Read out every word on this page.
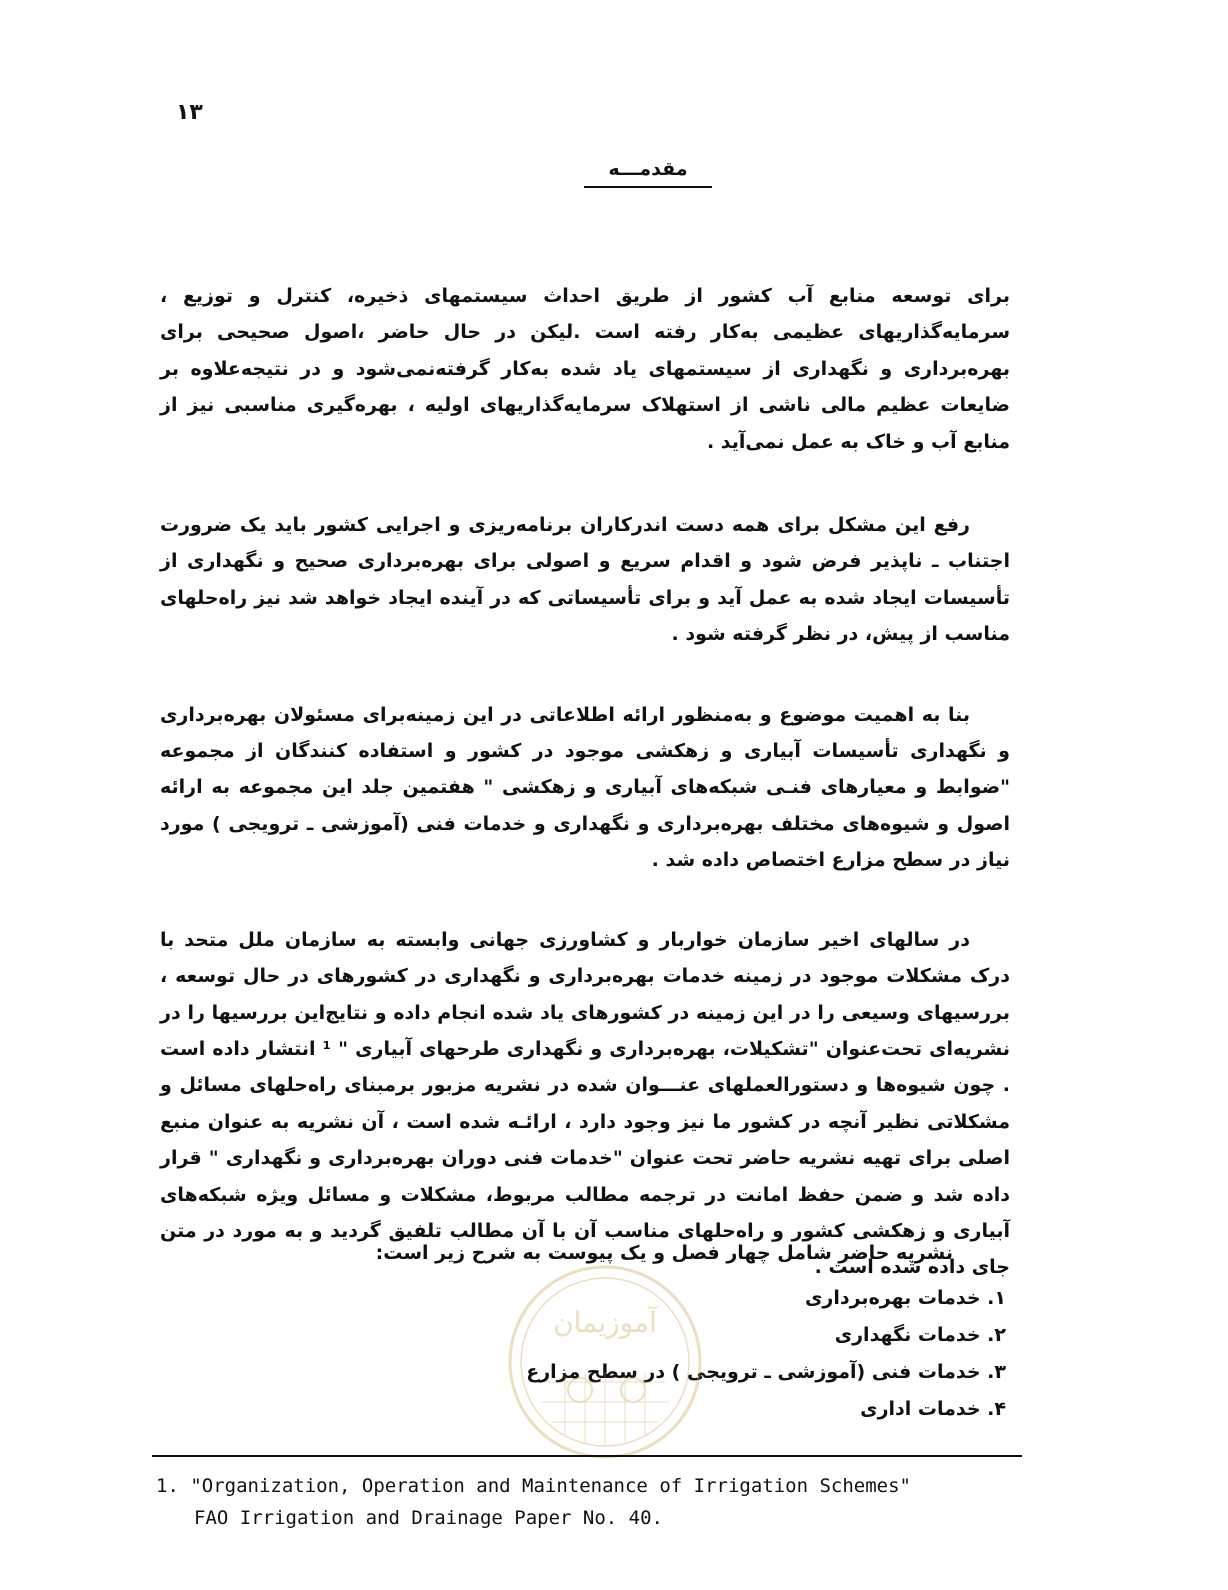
۱۳
مقدمـــه

برای توسعه منابع آب کشور از طریق احداث سیستمهای ذخیره، کنترل و توزیع ، سرمایه‌گذاریهای عظیمی به‌کار رفته است .لیکن در حال حاضر ،اصول صحیحی برای بهره‌برداری و نگهداری از سیستمهای یاد شده به‌کار گرفته‌نمی‌شود و در نتیجه‌علاوه بر ضایعات عظیم مالی ناشی از استهلاک سرمایه‌گذاریهای اولیه ، بهره‌گیری مناسبی نیز از منابع آب و خاک به عمل نمی‌آید .

رفع این مشکل برای همه دست اندرکاران برنامه‌ریزی و اجرایی کشور باید یک ضرورت اجتناب ـ ناپذیر فرض شود و اقدام سریع و اصولی برای بهره‌برداری صحیح و نگهداری از تأسیسات ایجاد شده به عمل آید و برای تأسیساتی که در آینده ایجاد خواهد شد نیز راه‌حلهای مناسب از پیش، در نظر گرفته شود .

بنا به اهمیت موضوع و به‌منظور ارائه اطلاعاتی در این زمینه‌برای مسئولان بهره‌برداری و نگهداری تأسیسات آبیاری و زهکشی موجود در کشور و استفاده کنندگان از مجموعه "ضوابط و معیارهای فنـی شبکه‌های آبیاری و زهکشی " هفتمین جلد این مجموعه به ارائه اصول و شیوه‌های مختلف بهره‌برداری و نگهداری و خدمات فنی (آموزشی ـ ترویجی ) مورد نیاز در سطح مزارع اختصاص داده شد .

در سالهای اخیر سازمان خواربار و کشاورزی جهانی وابسته به سازمان ملل متحد با درک مشکلات موجود در زمینه خدمات بهره‌برداری و نگهداری در کشورهای در حال توسعه ، بررسیهای وسیعی را در این زمینه در کشورهای یاد شده انجام داده و نتایج‌این بررسیها را در نشریه‌ای تحت‌عنوان "تشکیلات، بهره‌برداری و نگهداری طرحهای آبیاری " ¹ انتشار داده است . چون شیوه‌ها و دستورالعملهای عنـــوان شده در نشریه مزبور برمبنای راه‌حلهای مسائل و مشکلاتی نظیر آنچه در کشور ما نیز وجود دارد ، ارائـه شده است ، آن نشریه به عنوان منبع اصلی برای تهیه نشریه حاضر تحت عنوان "خدمات فنی دوران بهره‌برداری و نگهداری " قرار داده شد و ضمن حفظ امانت در ترجمه مطالب مربوط، مشکلات و مسائل ویژه شبکه‌های آبیاری و زهکشی کشور و راه‌حلهای مناسب آن با آن مطالب تلفیق گردید و به مورد در متن جای داده شده است .

نشریه حاضر شامل چهار فصل و یک پیوست به شرح زیر است:
۱. خدمات بهره‌برداری
۲. خدمات نگهداری
۳. خدمات فنی (آموزشی ـ ترویجی ) در سطح مزارع
۴. خدمات اداری
آموزیمان
1. "Organization, Operation and Maintenance of Irrigation Schemes"
FAO Irrigation and Drainage Paper No. 40.
